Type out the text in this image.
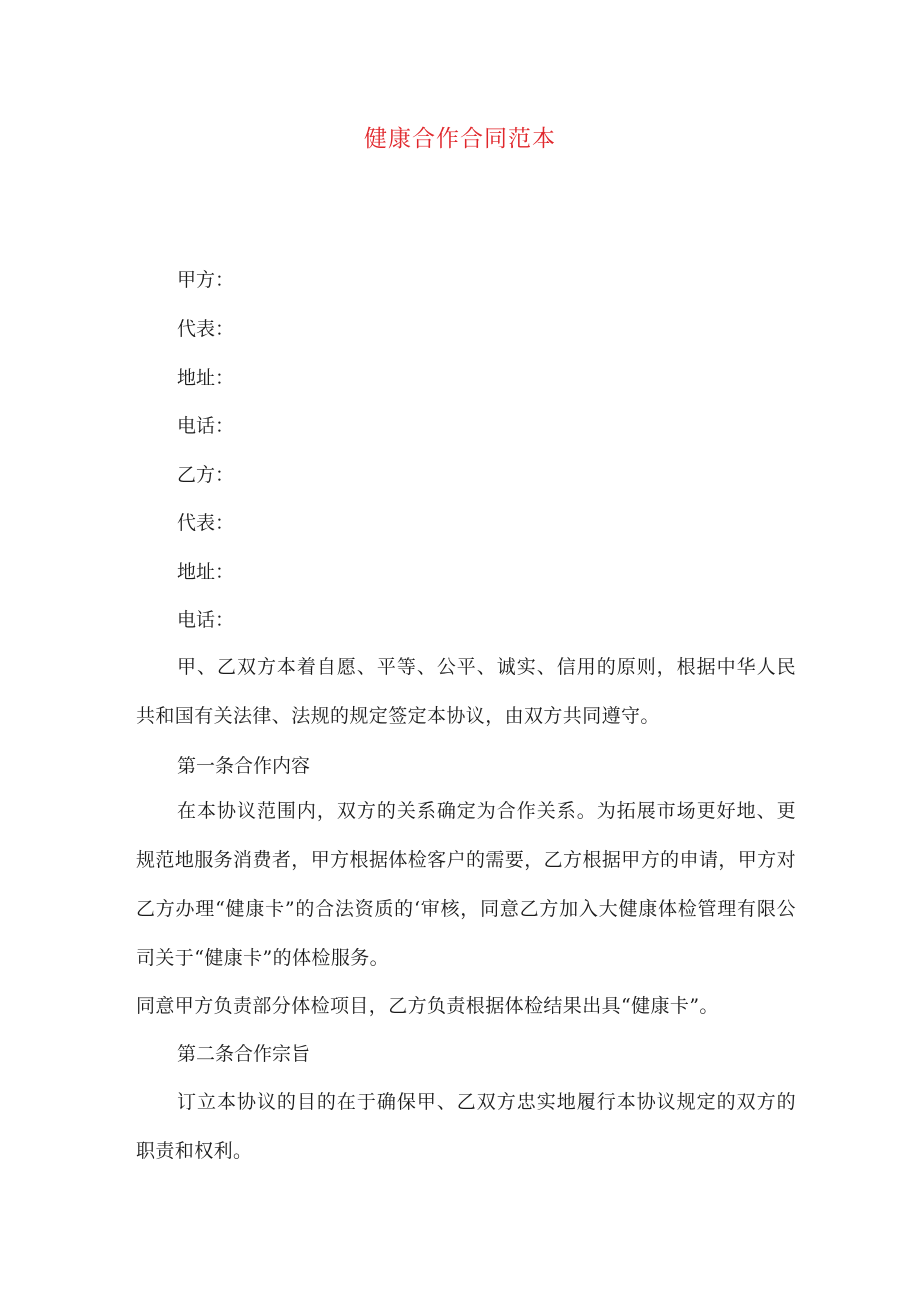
健康合作合同范本
甲方：
代表：
地址：
电话：
乙方：
代表：
地址：
电话：
甲、乙双方本着自愿、平等、公平、诚实、信用的原则，根据中华人民共和国有关法律、法规的规定签定本协议，由双方共同遵守。
第一条合作内容
在本协议范围内，双方的关系确定为合作关系。为拓展市场更好地、更规范地服务消费者，甲方根据体检客户的需要，乙方根据甲方的申请，甲方对乙方办理“健康卡”的合法资质的‘审核，同意乙方加入大健康体检管理有限公司关于“健康卡”的体检服务。
同意甲方负责部分体检项目，乙方负责根据体检结果出具“健康卡”。
第二条合作宗旨
订立本协议的目的在于确保甲、乙双方忠实地履行本协议规定的双方的职责和权利。
